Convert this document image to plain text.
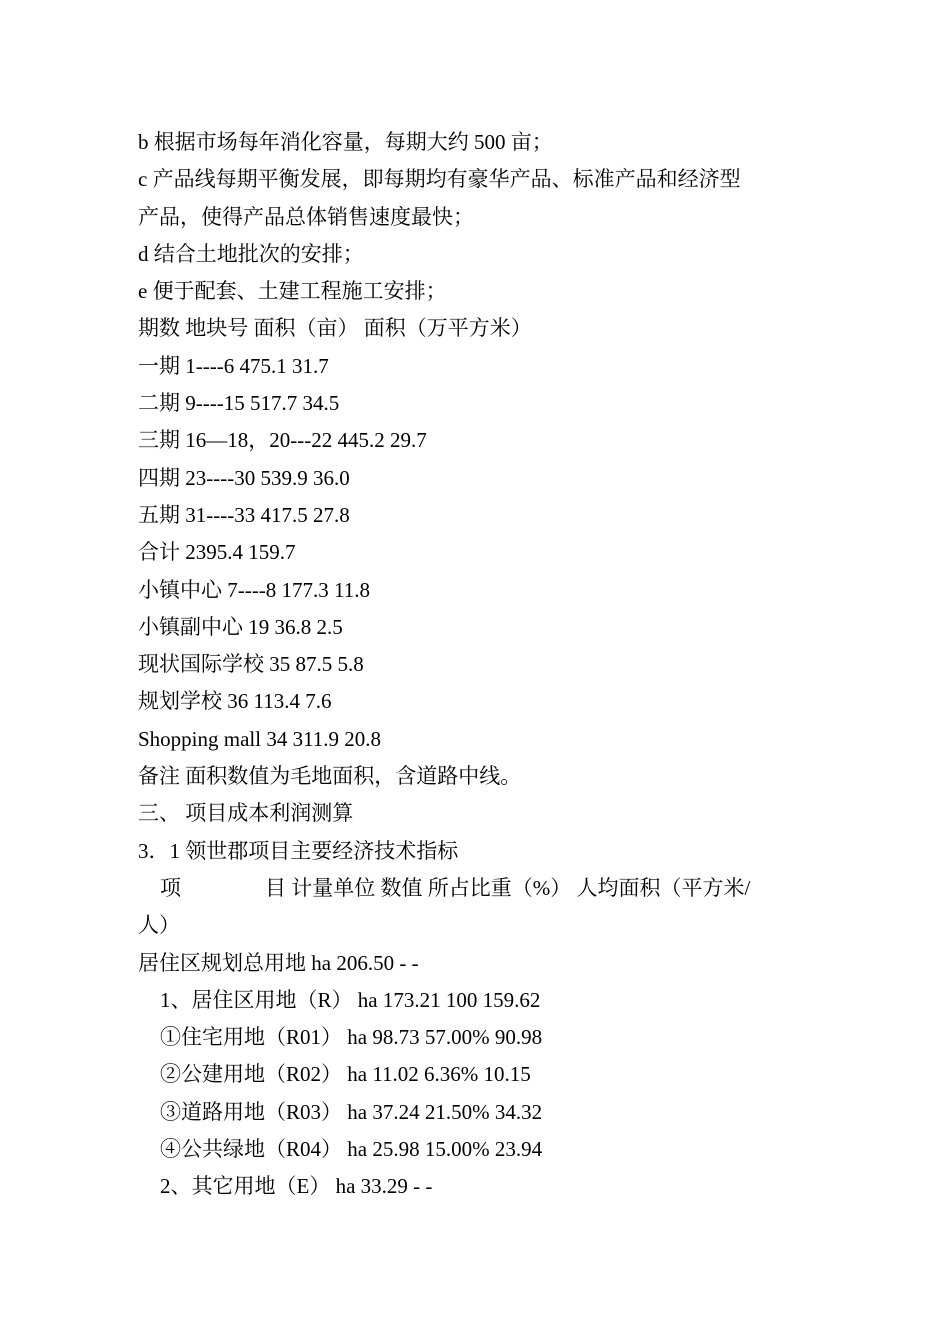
b 根据市场每年消化容量，每期大约 500 亩；
c 产品线每期平衡发展，即每期均有豪华产品、标准产品和经济型
产品，使得产品总体销售速度最快；
d 结合土地批次的安排；
e 便于配套、土建工程施工安排；
期数 地块号 面积（亩） 面积（万平方米）
一期 1----6 475.1 31.7
二期 9----15 517.7 34.5
三期 16—18，20---22 445.2 29.7
四期 23----30 539.9 36.0
五期 31----33 417.5 27.8
合计 2395.4 159.7
小镇中心 7----8 177.3 11.8
小镇副中心 19 36.8 2.5
现状国际学校 35 87.5 5.8
规划学校 36 113.4 7.6
Shopping mall 34 311.9 20.8
备注 面积数值为毛地面积，含道路中线。
三、 项目成本利润测算
3．1 领世郡项目主要经济技术指标
项	目 计量单位 数值 所占比重（%） 人均面积（平方米/
人）
居住区规划总用地 ha 206.50 - -
1、居住区用地（R） ha 173.21 100 159.62
①住宅用地（R01） ha 98.73 57.00% 90.98
②公建用地（R02） ha 11.02 6.36% 10.15
③道路用地（R03） ha 37.24 21.50% 34.32
④公共绿地（R04） ha 25.98 15.00% 23.94
2、其它用地（E） ha 33.29 - -
